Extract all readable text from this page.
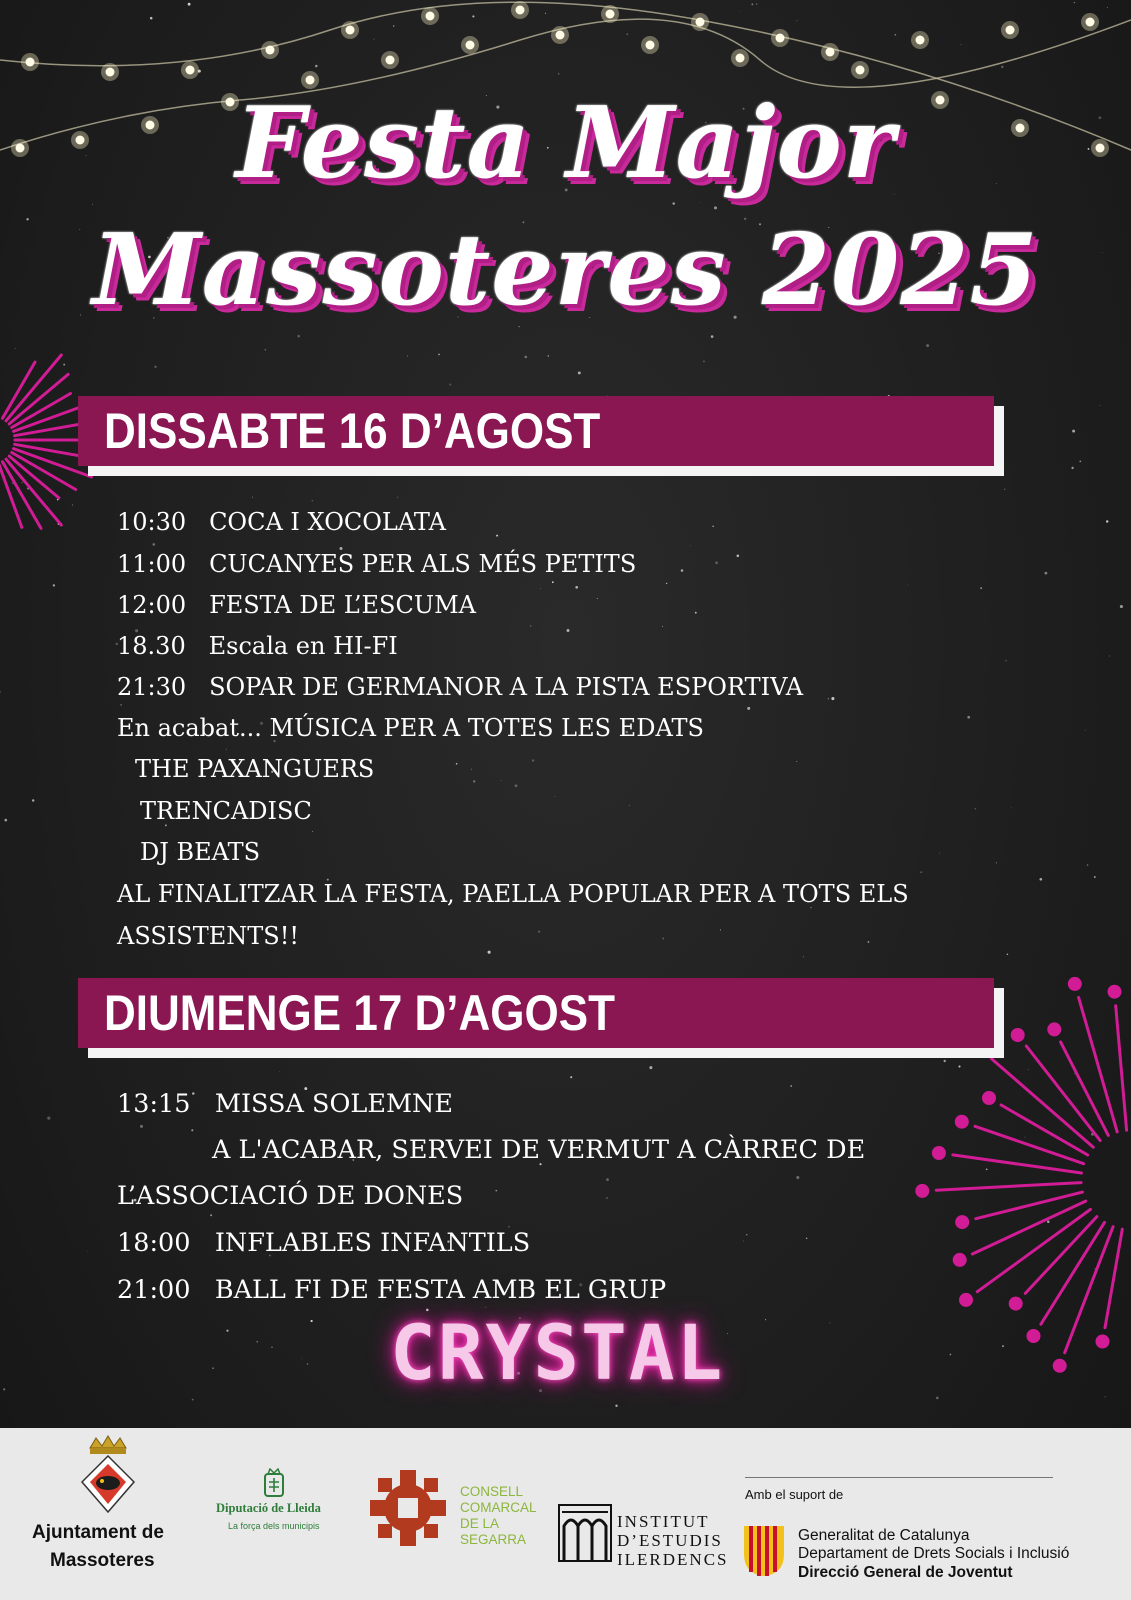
Festa Major
Massoteres 2025
DISSABTE 16 D’AGOST
10:30 COCA I XOCOLATA
11:00 CUCANYES PER ALS MÉS PETITS
12:00 FESTA DE L’ESCUMA
18.30 Escala en HI-FI
21:30 SOPAR DE GERMANOR A LA PISTA ESPORTIVA
En acabat... MÚSICA PER A TOTES LES EDATS
THE PAXANGUERS
TRENCADISC
DJ BEATS
AL FINALITZAR LA FESTA, PAELLA POPULAR PER A TOTS ELS
ASSISTENTS!!
DIUMENGE 17 D’AGOST
13:15 MISSA SOLEMNE
A L'ACABAR, SERVEI DE VERMUT A CÀRREC DE
L’ASSOCIACIÓ DE DONES
18:00 INFLABLES INFANTILS
21:00 BALL FI DE FESTA AMB EL GRUP
CRYSTAL
Ajuntament de
Massoteres
Diputació de Lleida
La força dels municipis
CONSELL
COMARCAL
DE LA
SEGARRA
INSTITUT
D’ESTUDIS
ILERDENCS
Amb el suport de
Generalitat de Catalunya
Departament de Drets Socials i Inclusió
Direcció General de Joventut
